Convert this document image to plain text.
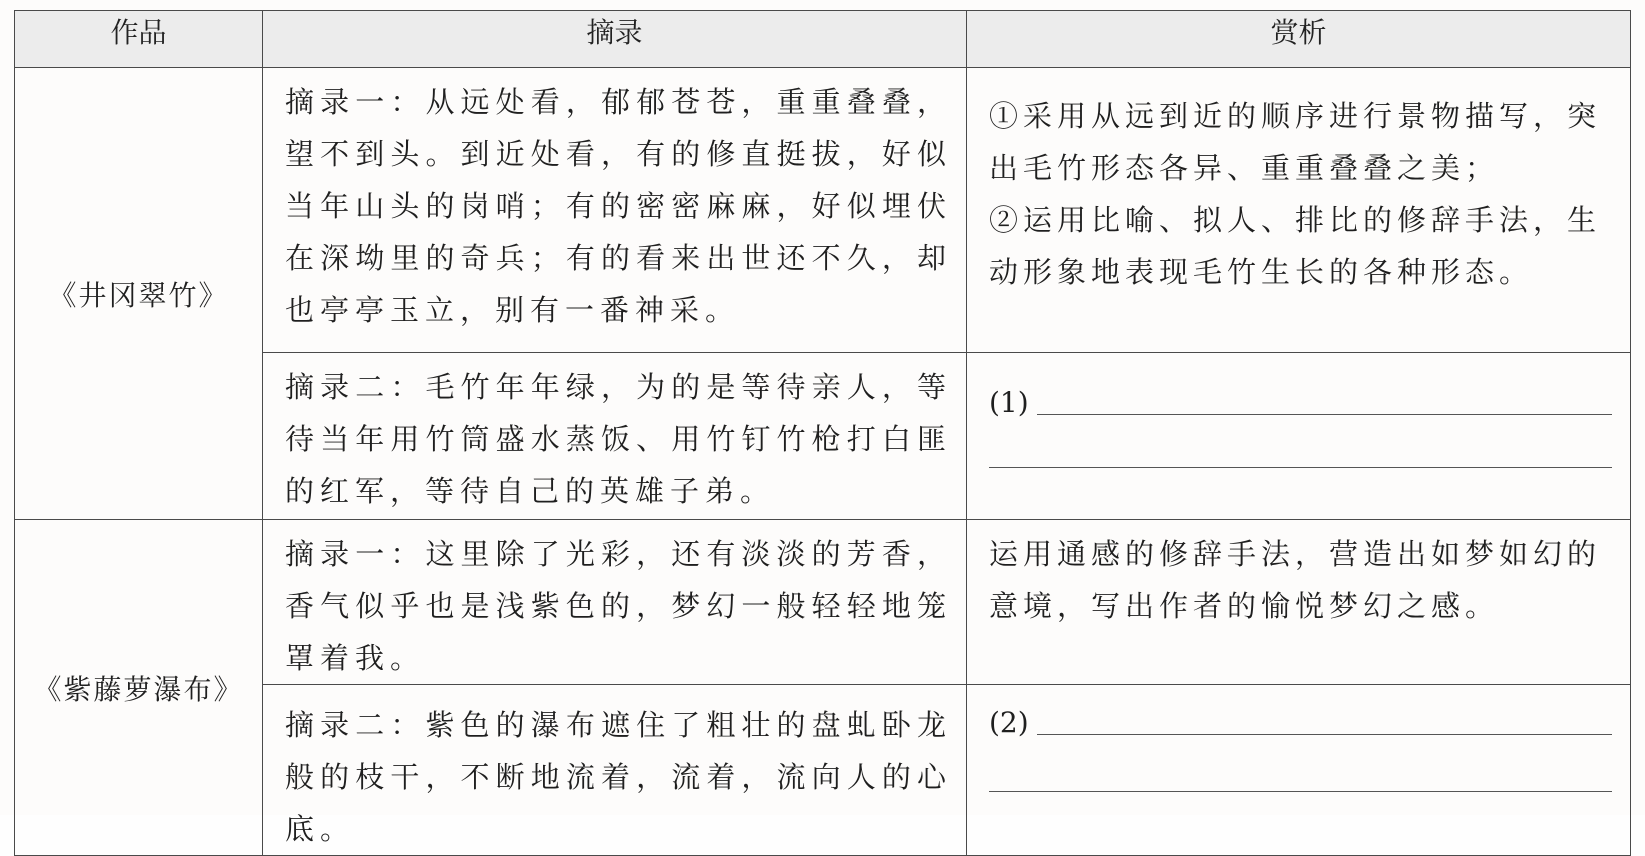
作品	摘录	赏析
《井冈翠竹》	摘录一：从远处看，郁郁苍苍，重重叠叠，望不到头。到近处看，有的修直挺拔，好似当年山头的岗哨；有的密密麻麻，好似埋伏在深坳里的奇兵；有的看来出世还不久，却也亭亭玉立，别有一番神采。	①采用从远到近的顺序进行景物描写，突出毛竹形态各异、重重叠叠之美；

②运用比喻、拟人、排比的修辞手法，生动形象地表现毛竹生长的各种形态。

	摘录二：毛竹年年绿，为的是等待亲人，等待当年用竹筒盛水蒸饭、用竹钉竹枪打白匪的红军，等待自己的英雄子弟。	(1)

《紫藤萝瀑布》	摘录一：这里除了光彩，还有淡淡的芳香，香气似乎也是浅紫色的，梦幻一般轻轻地笼罩着我。	运用通感的修辞手法，营造出如梦如幻的意境，写出作者的愉悦梦幻之感。

	摘录二：紫色的瀑布遮住了粗壮的盘虬卧龙般的枝干，不断地流着，流着，流向人的心底。	(2)
